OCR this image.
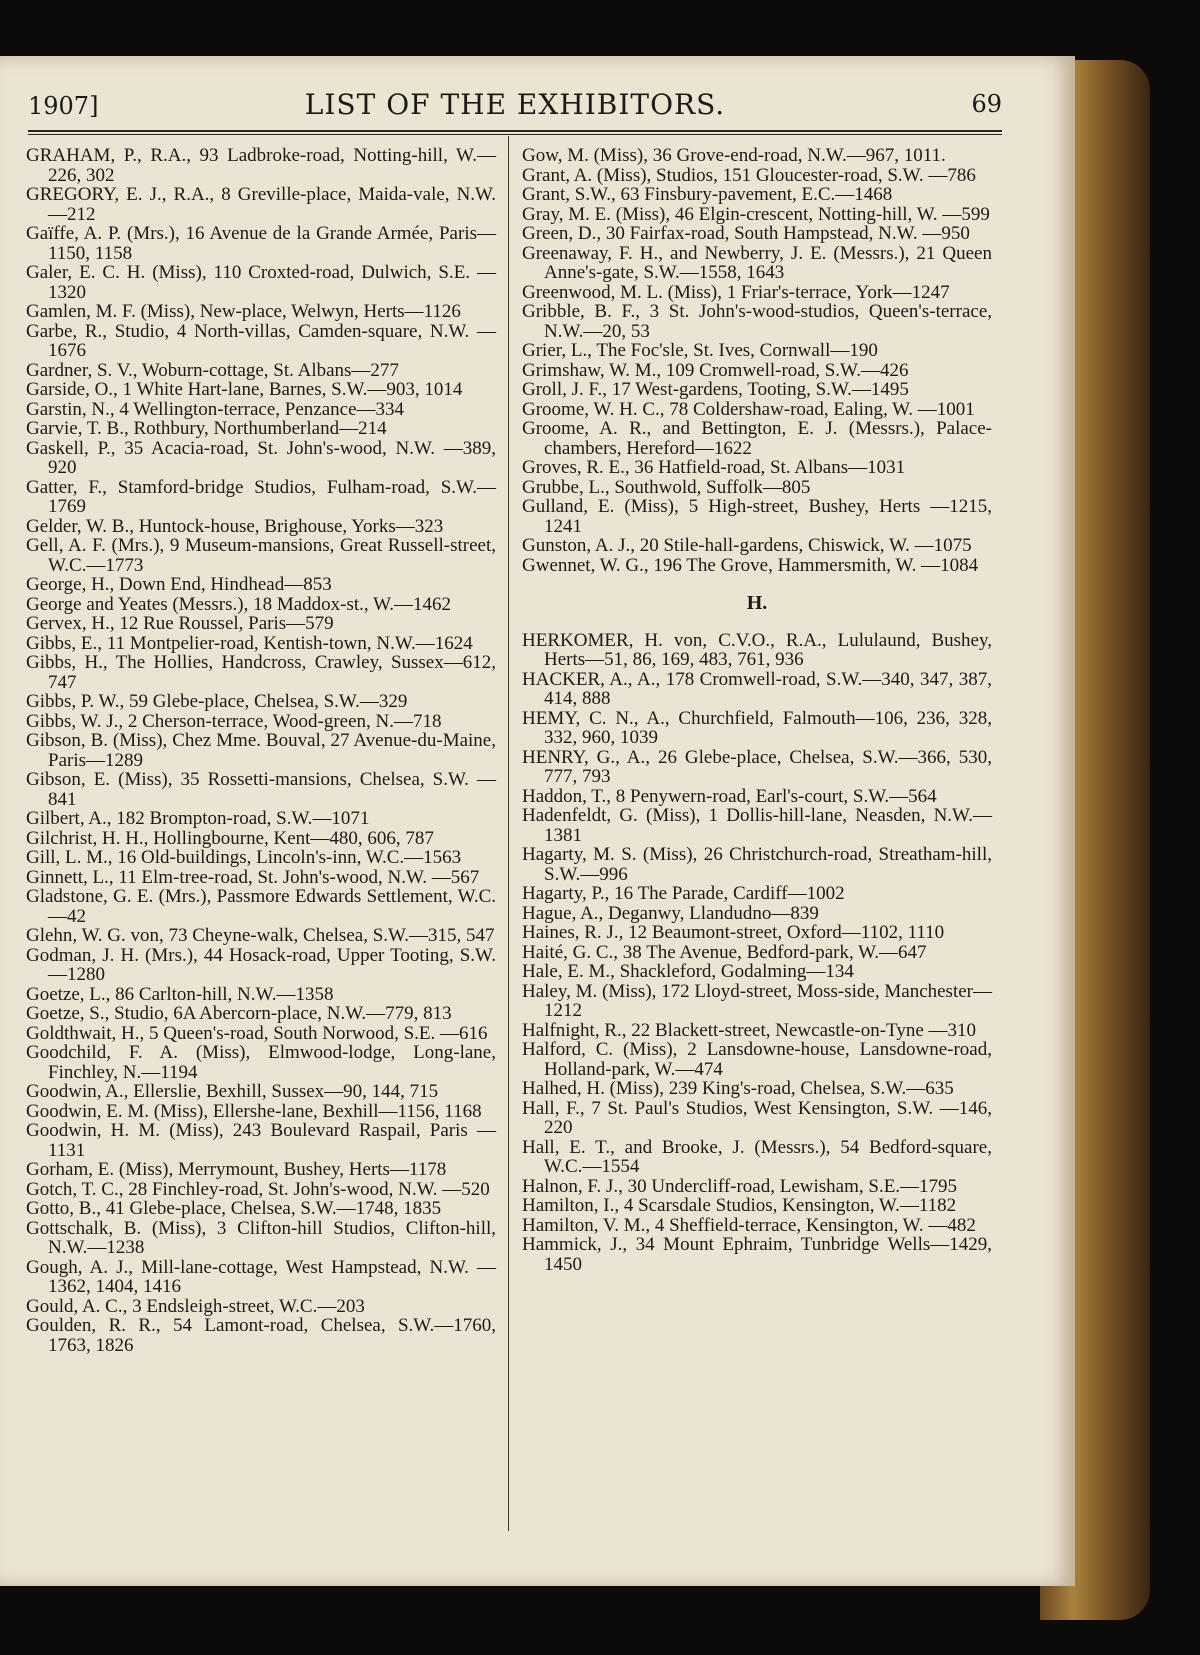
1907]	LIST OF THE EXHIBITORS.	69

GRAHAM, P., R.A., 93 Ladbroke-road, Notting-hill, W.—226, 302

GREGORY, E. J., R.A., 8 Greville-place, Maida-vale, N.W.—212

Gaïffe, A. P. (Mrs.), 16 Avenue de la Grande Armée, Paris—1150, 1158

Galer, E. C. H. (Miss), 110 Croxted-road, Dulwich, S.E. —1320

Gamlen, M. F. (Miss), New-place, Welwyn, Herts—1126

Garbe, R., Studio, 4 North-villas, Camden-square, N.W. —1676

Gardner, S. V., Woburn-cottage, St. Albans—277

Garside, O., 1 White Hart-lane, Barnes, S.W.—903, 1014

Garstin, N., 4 Wellington-terrace, Penzance—334

Garvie, T. B., Rothbury, Northumberland—214

Gaskell, P., 35 Acacia-road, St. John's-wood, N.W. —389, 920

Gatter, F., Stamford-bridge Studios, Fulham-road, S.W.—1769

Gelder, W. B., Huntock-house, Brighouse, Yorks—323

Gell, A. F. (Mrs.), 9 Museum-mansions, Great Russell-street, W.C.—1773

George, H., Down End, Hindhead—853

George and Yeates (Messrs.), 18 Maddox-st., W.—1462

Gervex, H., 12 Rue Roussel, Paris—579

Gibbs, E., 11 Montpelier-road, Kentish-town, N.W.—1624

Gibbs, H., The Hollies, Handcross, Crawley, Sussex—612, 747

Gibbs, P. W., 59 Glebe-place, Chelsea, S.W.—329

Gibbs, W. J., 2 Cherson-terrace, Wood-green, N.—718

Gibson, B. (Miss), Chez Mme. Bouval, 27 Avenue-du-Maine, Paris—1289

Gibson, E. (Miss), 35 Rossetti-mansions, Chelsea, S.W. —841

Gilbert, A., 182 Brompton-road, S.W.—1071

Gilchrist, H. H., Hollingbourne, Kent—480, 606, 787

Gill, L. M., 16 Old-buildings, Lincoln's-inn, W.C.—1563

Ginnett, L., 11 Elm-tree-road, St. John's-wood, N.W. —567

Gladstone, G. E. (Mrs.), Passmore Edwards Settlement, W.C.—42

Glehn, W. G. von, 73 Cheyne-walk, Chelsea, S.W.—315, 547

Godman, J. H. (Mrs.), 44 Hosack-road, Upper Tooting, S.W.—1280

Goetze, L., 86 Carlton-hill, N.W.—1358

Goetze, S., Studio, 6A Abercorn-place, N.W.—779, 813

Goldthwait, H., 5 Queen's-road, South Norwood, S.E. —616

Goodchild, F. A. (Miss), Elmwood-lodge, Long-lane, Finchley, N.—1194

Goodwin, A., Ellerslie, Bexhill, Sussex—90, 144, 715

Goodwin, E. M. (Miss), Ellershe-lane, Bexhill—1156, 1168

Goodwin, H. M. (Miss), 243 Boulevard Raspail, Paris —1131

Gorham, E. (Miss), Merrymount, Bushey, Herts—1178

Gotch, T. C., 28 Finchley-road, St. John's-wood, N.W. —520

Gotto, B., 41 Glebe-place, Chelsea, S.W.—1748, 1835

Gottschalk, B. (Miss), 3 Clifton-hill Studios, Clifton-hill, N.W.—1238

Gough, A. J., Mill-lane-cottage, West Hampstead, N.W. —1362, 1404, 1416

Gould, A. C., 3 Endsleigh-street, W.C.—203

Goulden, R. R., 54 Lamont-road, Chelsea, S.W.—1760, 1763, 1826

Gow, M. (Miss), 36 Grove-end-road, N.W.—967, 1011.

Grant, A. (Miss), Studios, 151 Gloucester-road, S.W. —786

Grant, S.W., 63 Finsbury-pavement, E.C.—1468

Gray, M. E. (Miss), 46 Elgin-crescent, Notting-hill, W. —599

Green, D., 30 Fairfax-road, South Hampstead, N.W. —950

Greenaway, F. H., and Newberry, J. E. (Messrs.), 21 Queen Anne's-gate, S.W.—1558, 1643

Greenwood, M. L. (Miss), 1 Friar's-terrace, York—1247

Gribble, B. F., 3 St. John's-wood-studios, Queen's-terrace, N.W.—20, 53

Grier, L., The Foc'sle, St. Ives, Cornwall—190

Grimshaw, W. M., 109 Cromwell-road, S.W.—426

Groll, J. F., 17 West-gardens, Tooting, S.W.—1495

Groome, W. H. C., 78 Coldershaw-road, Ealing, W. —1001

Groome, A. R., and Bettington, E. J. (Messrs.), Palace-chambers, Hereford—1622

Groves, R. E., 36 Hatfield-road, St. Albans—1031

Grubbe, L., Southwold, Suffolk—805

Gulland, E. (Miss), 5 High-street, Bushey, Herts —1215, 1241

Gunston, A. J., 20 Stile-hall-gardens, Chiswick, W. —1075

Gwennet, W. G., 196 The Grove, Hammersmith, W. —1084

H.

HERKOMER, H. von, C.V.O., R.A., Lululaund, Bushey, Herts—51, 86, 169, 483, 761, 936

HACKER, A., A., 178 Cromwell-road, S.W.—340, 347, 387, 414, 888

HEMY, C. N., A., Churchfield, Falmouth—106, 236, 328, 332, 960, 1039

HENRY, G., A., 26 Glebe-place, Chelsea, S.W.—366, 530, 777, 793

Haddon, T., 8 Penywern-road, Earl's-court, S.W.—564

Hadenfeldt, G. (Miss), 1 Dollis-hill-lane, Neasden, N.W.—1381

Hagarty, M. S. (Miss), 26 Christchurch-road, Streatham-hill, S.W.—996

Hagarty, P., 16 The Parade, Cardiff—1002

Hague, A., Deganwy, Llandudno—839

Haines, R. J., 12 Beaumont-street, Oxford—1102, 1110

Haité, G. C., 38 The Avenue, Bedford-park, W.—647

Hale, E. M., Shackleford, Godalming—134

Haley, M. (Miss), 172 Lloyd-street, Moss-side, Manchester—1212

Halfnight, R., 22 Blackett-street, Newcastle-on-Tyne —310

Halford, C. (Miss), 2 Lansdowne-house, Lansdowne-road, Holland-park, W.—474

Halhed, H. (Miss), 239 King's-road, Chelsea, S.W.—635

Hall, F., 7 St. Paul's Studios, West Kensington, S.W. —146, 220

Hall, E. T., and Brooke, J. (Messrs.), 54 Bedford-square, W.C.—1554

Halnon, F. J., 30 Undercliff-road, Lewisham, S.E.—1795

Hamilton, I., 4 Scarsdale Studios, Kensington, W.—1182

Hamilton, V. M., 4 Sheffield-terrace, Kensington, W. —482

Hammick, J., 34 Mount Ephraim, Tunbridge Wells—1429, 1450
